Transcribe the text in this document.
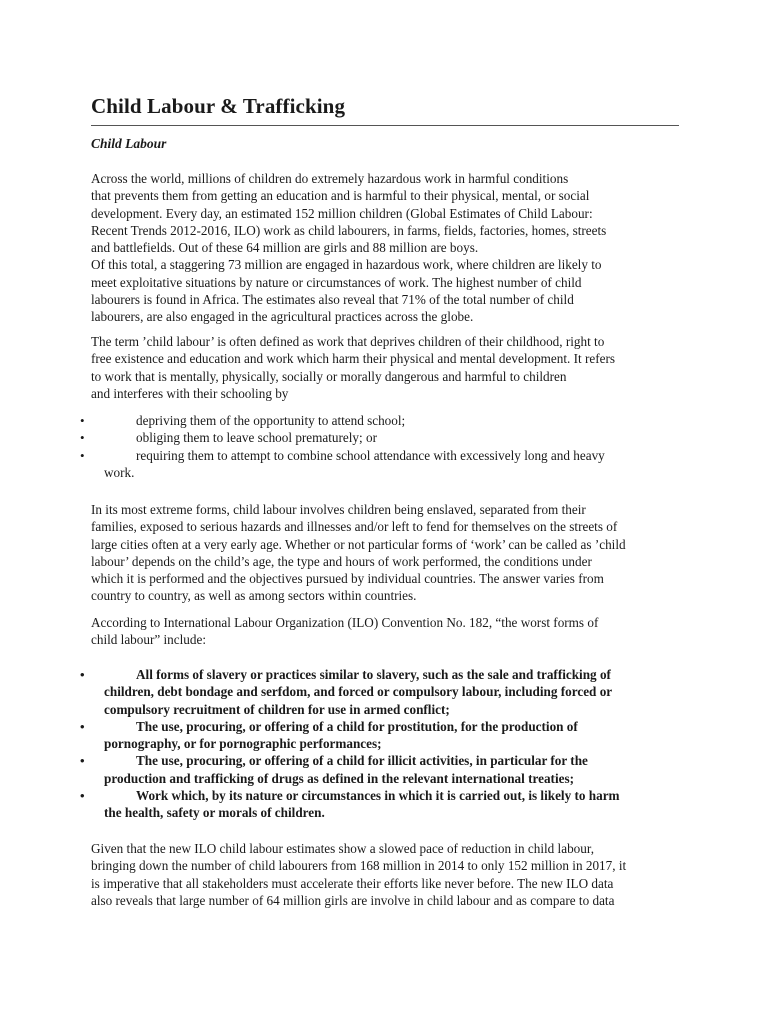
Child Labour & Trafficking
Child Labour
Across the world, millions of children do extremely hazardous work in harmful conditions
that prevents them from getting an education and is harmful to their physical, mental, or social
development. Every day, an estimated 152 million children (Global Estimates of Child Labour:
Recent Trends 2012-2016, ILO) work as child labourers, in farms, fields, factories, homes, streets
and battlefields. Out of these 64 million are girls and 88 million are boys.
Of this total, a staggering 73 million are engaged in hazardous work, where children are likely to
meet exploitative situations by nature or circumstances of work. The highest number of child
labourers is found in Africa. The estimates also reveal that 71% of the total number of child
labourers, are also engaged in the agricultural practices across the globe.
The term ’child labour’ is often defined as work that deprives children of their childhood, right to
free existence and education and work which harm their physical and mental development. It refers
to work that is mentally, physically, socially or morally dangerous and harmful to children
and interferes with their schooling by
•	depriving them of the opportunity to attend school;
•	obliging them to leave school prematurely; or
•	requiring them to attempt to combine school attendance with excessively long and heavy
work.
In its most extreme forms, child labour involves children being enslaved, separated from their
families, exposed to serious hazards and illnesses and/or left to fend for themselves on the streets of
large cities often at a very early age. Whether or not particular forms of ‘work’ can be called as ’child
labour’ depends on the child’s age, the type and hours of work performed, the conditions under
which it is performed and the objectives pursued by individual countries. The answer varies from
country to country, as well as among sectors within countries.
According to International Labour Organization (ILO) Convention No. 182, “the worst forms of
child labour” include:
•	All forms of slavery or practices similar to slavery, such as the sale and trafficking of
children, debt bondage and serfdom, and forced or compulsory labour, including forced or
compulsory recruitment of children for use in armed conflict;
•	The use, procuring, or offering of a child for prostitution, for the production of
pornography, or for pornographic performances;
•	The use, procuring, or offering of a child for illicit activities, in particular for the
production and trafficking of drugs as defined in the relevant international treaties;
•	Work which, by its nature or circumstances in which it is carried out, is likely to harm
the health, safety or morals of children.
Given that the new ILO child labour estimates show a slowed pace of reduction in child labour,
bringing down the number of child labourers from 168 million in 2014 to only 152 million in 2017, it
is imperative that all stakeholders must accelerate their efforts like never before. The new ILO data
also reveals that large number of 64 million girls are involve in child labour and as compare to data
